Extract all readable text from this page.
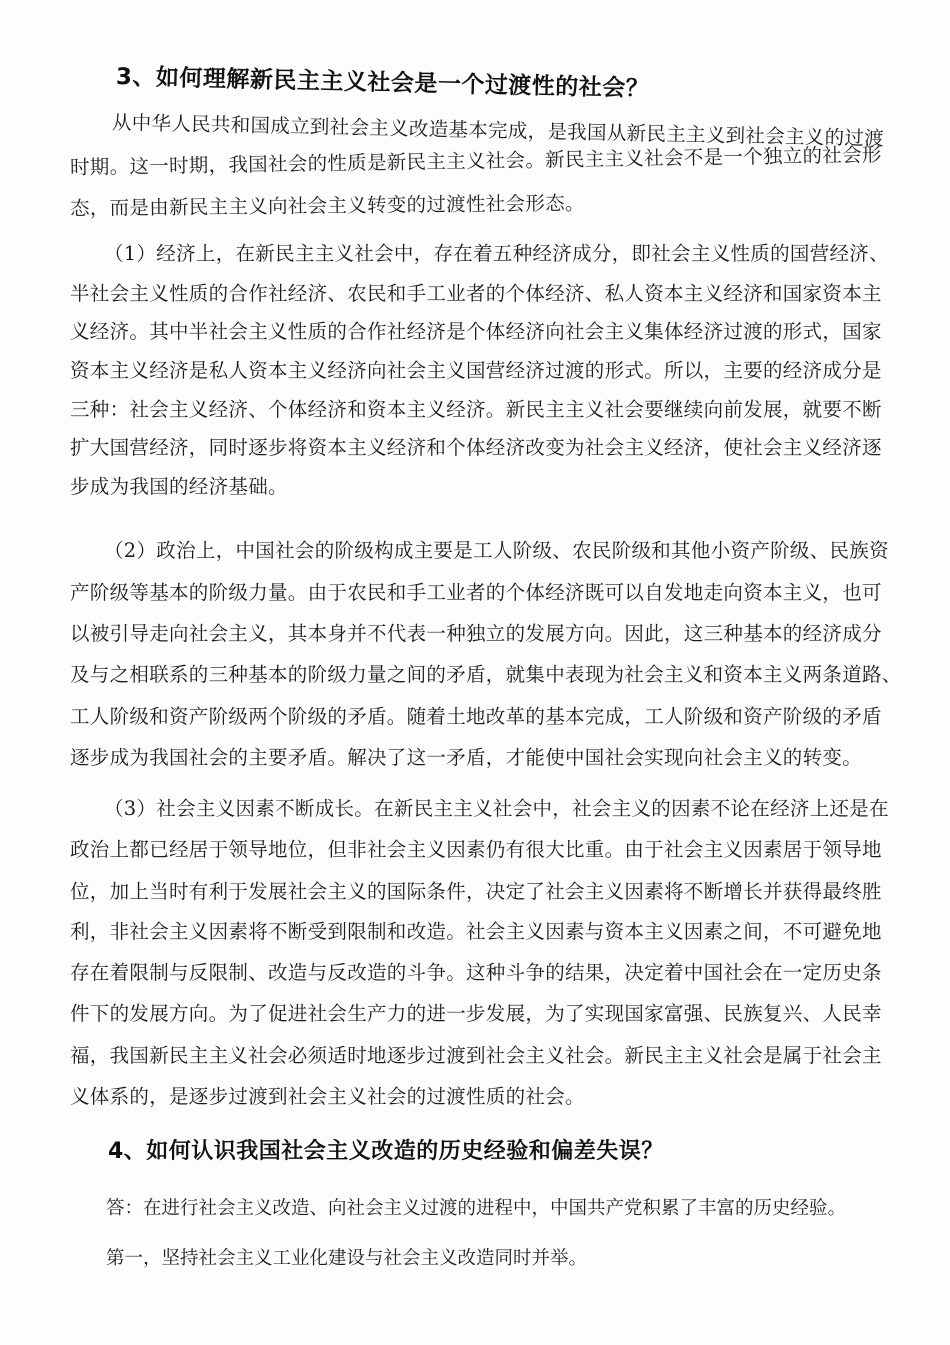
3、如何理解新民主主义社会是一个过渡性的社会？
从中华人民共和国成立到社会主义改造基本完成，是我国从新民主主义到社会主义的过渡
时期。这一时期，我国社会的性质是新民主主义社会。新民主主义社会不是一个独立的社会形
态，而是由新民主主义向社会主义转变的过渡性社会形态。
（1）经济上，在新民主主义社会中，存在着五种经济成分，即社会主义性质的国营经济、
半社会主义性质的合作社经济、农民和手工业者的个体经济、私人资本主义经济和国家资本主
义经济。其中半社会主义性质的合作社经济是个体经济向社会主义集体经济过渡的形式，国家
资本主义经济是私人资本主义经济向社会主义国营经济过渡的形式。所以，主要的经济成分是
三种：社会主义经济、个体经济和资本主义经济。新民主主义社会要继续向前发展，就要不断
扩大国营经济，同时逐步将资本主义经济和个体经济改变为社会主义经济，使社会主义经济逐
步成为我国的经济基础。
（2）政治上，中国社会的阶级构成主要是工人阶级、农民阶级和其他小资产阶级、民族资
产阶级等基本的阶级力量。由于农民和手工业者的个体经济既可以自发地走向资本主义，也可
以被引导走向社会主义，其本身并不代表一种独立的发展方向。因此，这三种基本的经济成分
及与之相联系的三种基本的阶级力量之间的矛盾，就集中表现为社会主义和资本主义两条道路、
工人阶级和资产阶级两个阶级的矛盾。随着土地改革的基本完成，工人阶级和资产阶级的矛盾
逐步成为我国社会的主要矛盾。解决了这一矛盾，才能使中国社会实现向社会主义的转变。
（3）社会主义因素不断成长。在新民主主义社会中，社会主义的因素不论在经济上还是在
政治上都已经居于领导地位，但非社会主义因素仍有很大比重。由于社会主义因素居于领导地
位，加上当时有利于发展社会主义的国际条件，决定了社会主义因素将不断增长并获得最终胜
利，非社会主义因素将不断受到限制和改造。社会主义因素与资本主义因素之间，不可避免地
存在着限制与反限制、改造与反改造的斗争。这种斗争的结果，决定着中国社会在一定历史条
件下的发展方向。为了促进社会生产力的进一步发展，为了实现国家富强、民族复兴、人民幸
福，我国新民主主义社会必须适时地逐步过渡到社会主义社会。新民主主义社会是属于社会主
义体系的，是逐步过渡到社会主义社会的过渡性质的社会。
4、如何认识我国社会主义改造的历史经验和偏差失误？
答：在进行社会主义改造、向社会主义过渡的进程中，中国共产党积累了丰富的历史经验。
第一，坚持社会主义工业化建设与社会主义改造同时并举。
